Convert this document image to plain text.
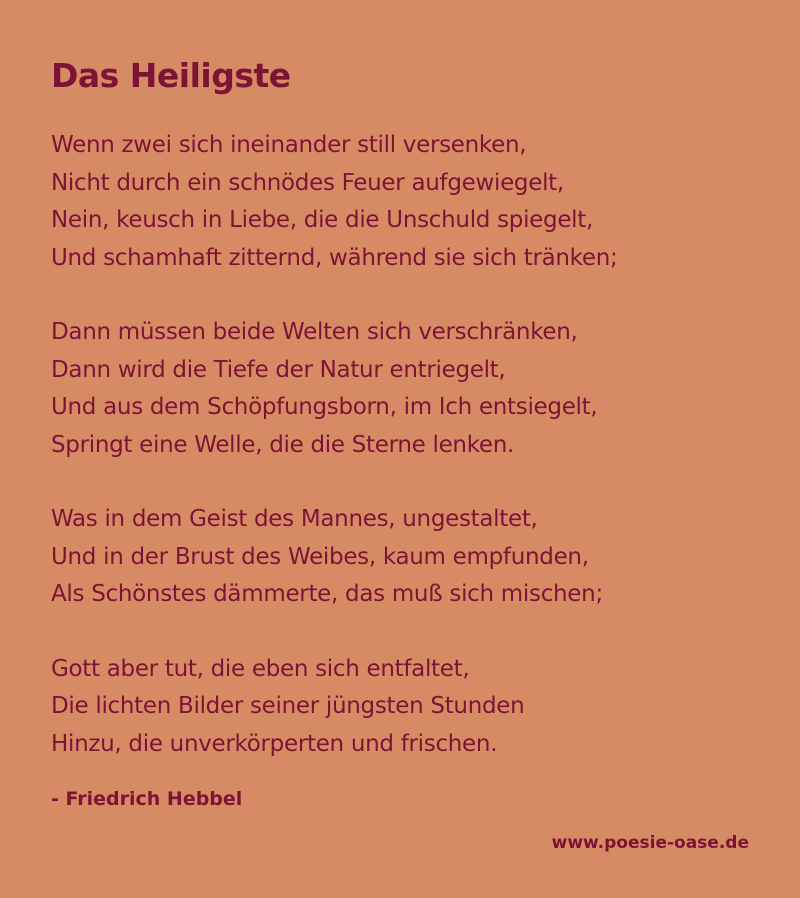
Das Heiligste
Wenn zwei sich ineinander still versenken,
Nicht durch ein schnödes Feuer aufgewiegelt,
Nein, keusch in Liebe, die die Unschuld spiegelt,
Und schamhaft zitternd, während sie sich tränken;
Dann müssen beide Welten sich verschränken,
Dann wird die Tiefe der Natur entriegelt,
Und aus dem Schöpfungsborn, im Ich entsiegelt,
Springt eine Welle, die die Sterne lenken.
Was in dem Geist des Mannes, ungestaltet,
Und in der Brust des Weibes, kaum empfunden,
Als Schönstes dämmerte, das muß sich mischen;
Gott aber tut, die eben sich entfaltet,
Die lichten Bilder seiner jüngsten Stunden
Hinzu, die unverkörperten und frischen.
- Friedrich Hebbel
www.poesie-oase.de
